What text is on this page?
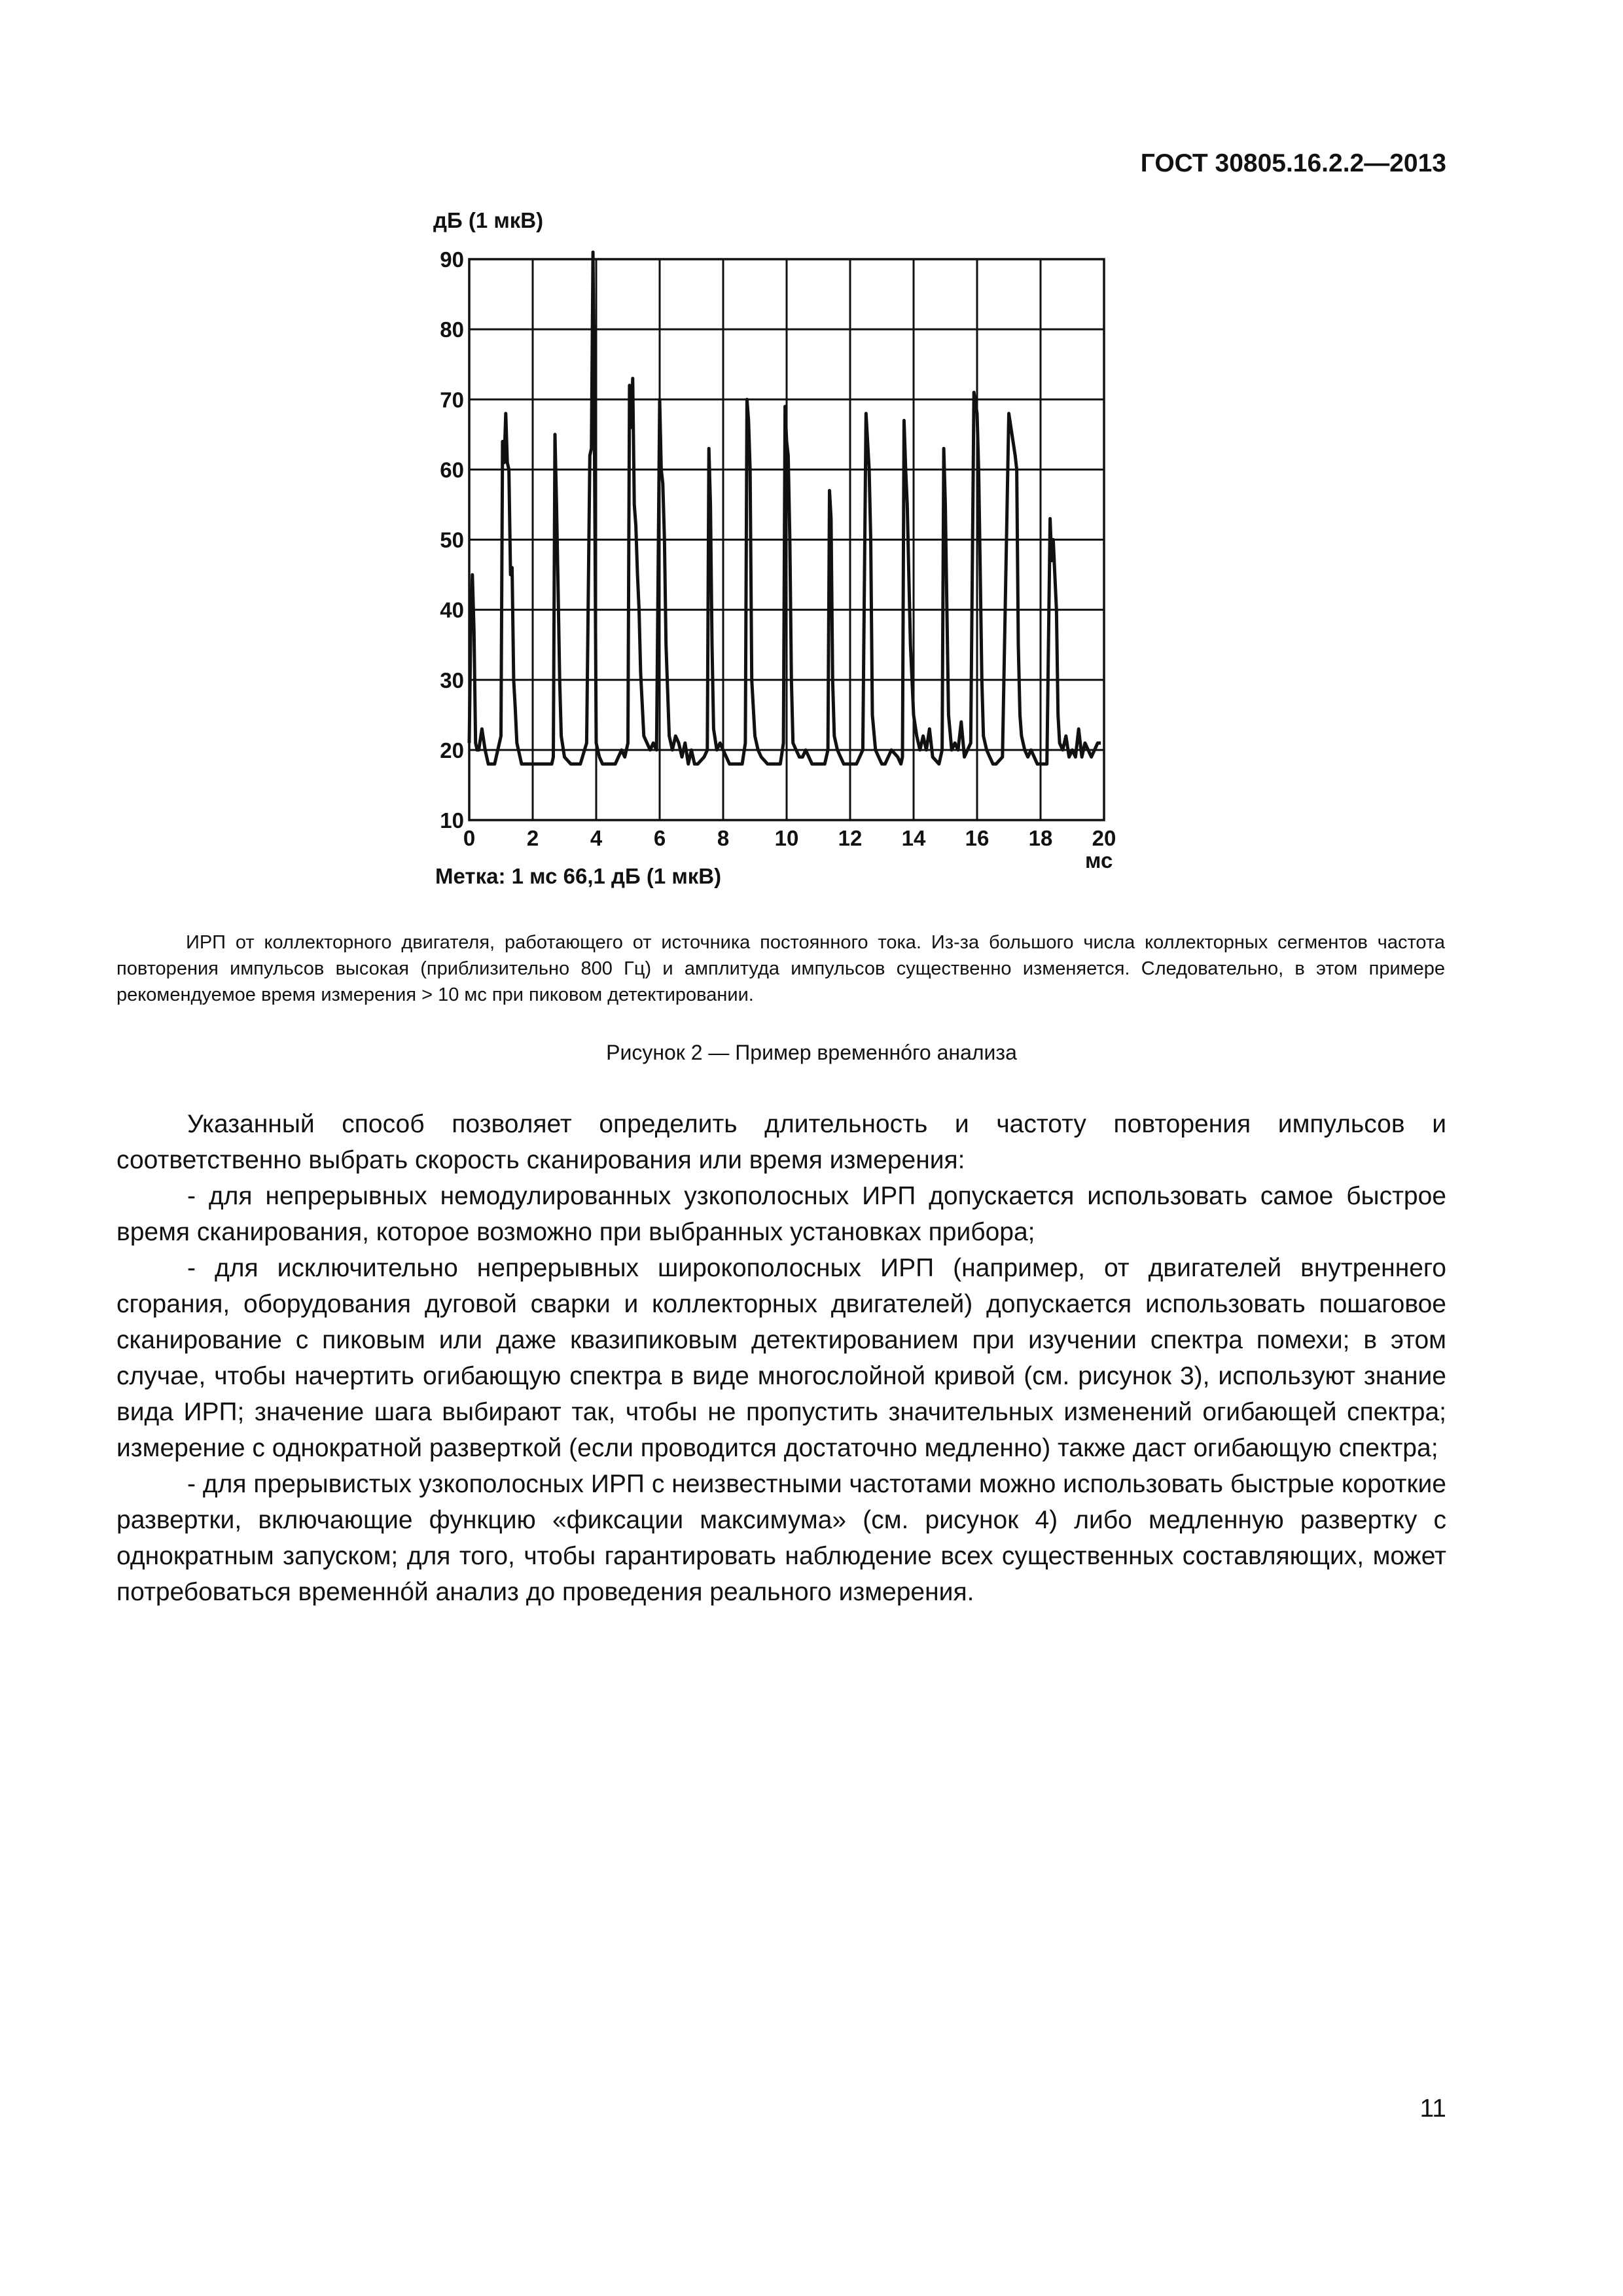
ГОСТ 30805.16.2.2—2013
дБ (1 мкВ)
10
20
30
40
50
60
70
80
90
0 2 4 6 8 10 12 14 16 18 20
мс
Метка: 1 мс 66,1 дБ (1 мкВ)
ИРП от коллекторного двигателя, работающего от источника постоянного тока. Из-за большого числа коллекторных сегментов частота повторения импульсов высокая (приблизительно 800 Гц) и амплитуда импульсов существенно изменяется. Следовательно, в этом примере рекомендуемое время измерения > 10 мс при пиковом детектировании.
Рисунок 2 — Пример временнóго анализа

Указанный способ позволяет определить длительность и частоту повторения импульсов и соответственно выбрать скорость сканирования или время измерения:

- для непрерывных немодулированных узкополосных ИРП допускается использовать самое быстрое время сканирования, которое возможно при выбранных установках прибора;

- для исключительно непрерывных широкополосных ИРП (например, от двигателей внутреннего сгорания, оборудования дуговой сварки и коллекторных двигателей) допускается использовать пошаговое сканирование с пиковым или даже квазипиковым детектированием при изучении спектра помехи; в этом случае, чтобы начертить огибающую спектра в виде многослойной кривой (см. рисунок 3), используют знание вида ИРП; значение шага выбирают так, чтобы не пропустить значительных изменений огибающей спектра; измерение с однократной разверткой (если проводится достаточно медленно) также даст огибающую спектра;

- для прерывистых узкополосных ИРП с неизвестными частотами можно использовать быстрые короткие развертки, включающие функцию «фиксации максимума» (см. рисунок 4) либо медленную развертку с однократным запуском; для того, чтобы гарантировать наблюдение всех существенных составляющих, может потребоваться временнóй анализ до проведения реального измерения.

11
